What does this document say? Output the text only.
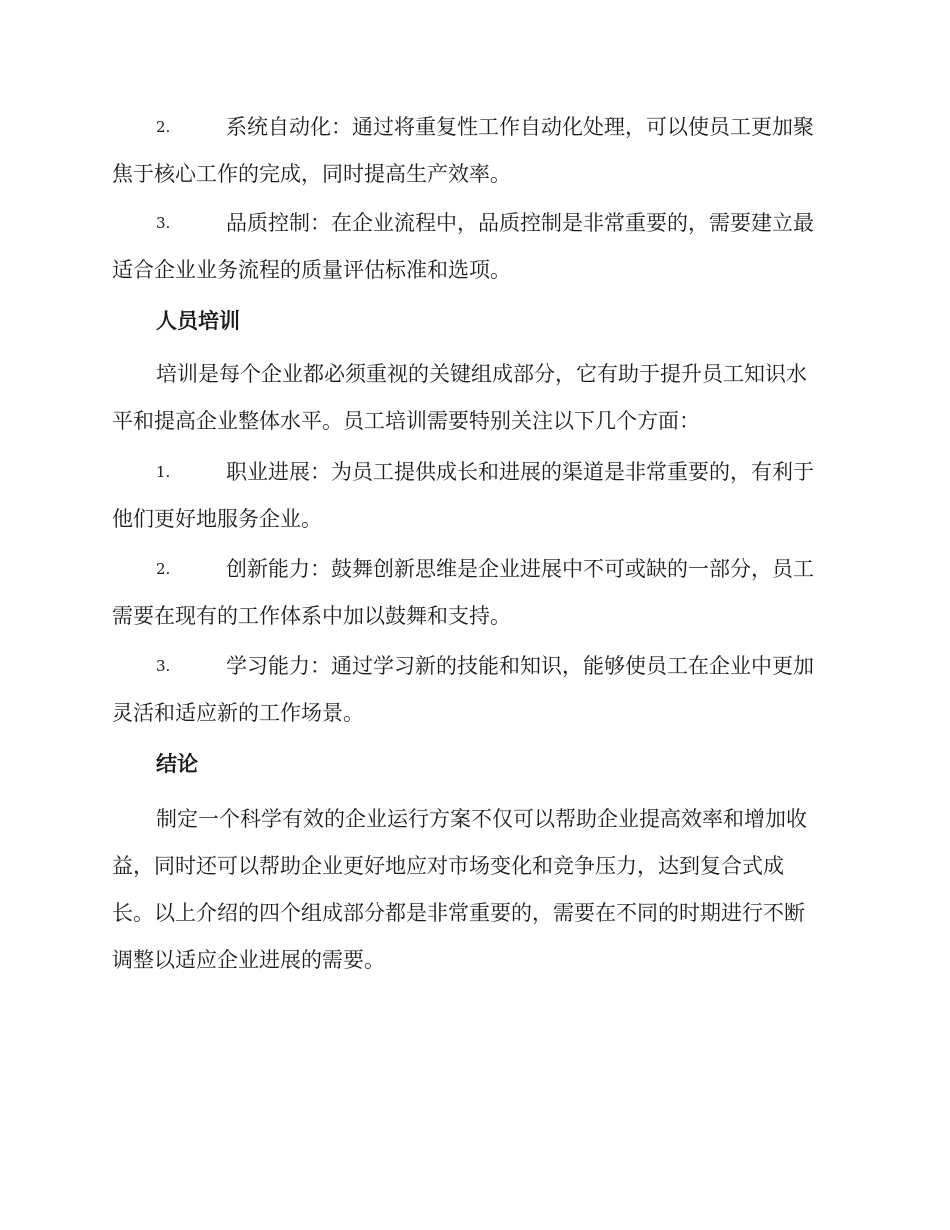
2.	系统自动化：通过将重复性工作自动化处理，可以使员工更加聚
焦于核心工作的完成，同时提高生产效率。
3.	品质控制：在企业流程中，品质控制是非常重要的，需要建立最
适合企业业务流程的质量评估标准和选项。
人员培训
培训是每个企业都必须重视的关键组成部分，它有助于提升员工知识水
平和提高企业整体水平。员工培训需要特别关注以下几个方面：
1.	职业进展：为员工提供成长和进展的渠道是非常重要的，有利于
他们更好地服务企业。
2.	创新能力：鼓舞创新思维是企业进展中不可或缺的一部分，员工
需要在现有的工作体系中加以鼓舞和支持。
3.	学习能力：通过学习新的技能和知识，能够使员工在企业中更加
灵活和适应新的工作场景。
结论
制定一个科学有效的企业运行方案不仅可以帮助企业提高效率和增加收
益，同时还可以帮助企业更好地应对市场变化和竞争压力，达到复合式成
长。以上介绍的四个组成部分都是非常重要的，需要在不同的时期进行不断
调整以适应企业进展的需要。
